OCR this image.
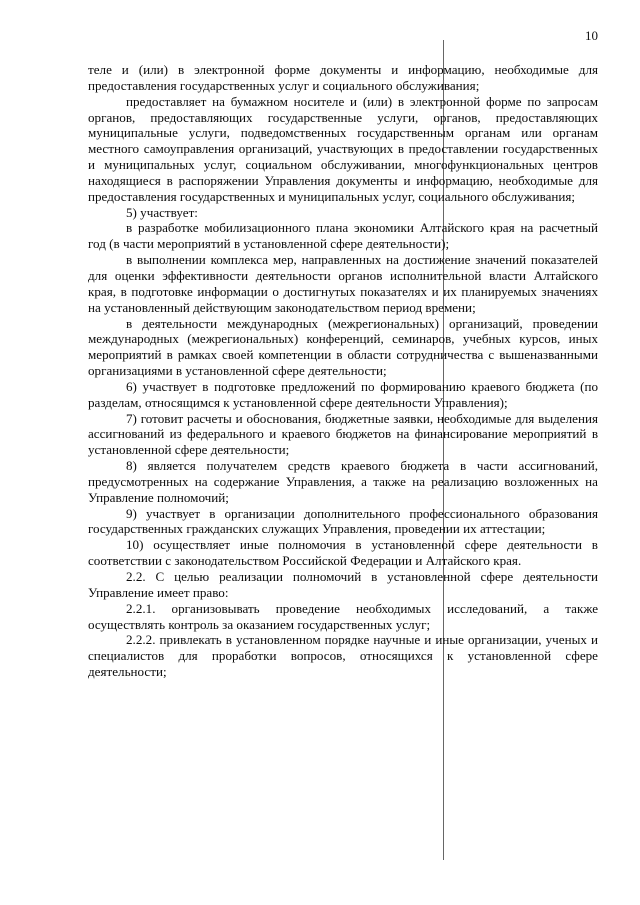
10

теле и (или) в электронной форме документы и информацию, необходимые для предоставления государственных услуг и социального обслуживания;

предоставляет на бумажном носителе и (или) в электронной форме по запросам органов, предоставляющих государственные услуги, органов, предоставляющих муниципальные услуги, подведомственных государственным органам или органам местного самоуправления организаций, участвующих в предоставлении государственных и муниципальных услуг, социальном обслуживании, многофункциональных центров находящиеся в распоряжении Управления документы и информацию, необходимые для предоставления государственных и муниципальных услуг, социального обслуживания;

5) участвует:

в разработке мобилизационного плана экономики Алтайского края на расчетный год (в части мероприятий в установленной сфере деятельности);

в выполнении комплекса мер, направленных на достижение значений показателей для оценки эффективности деятельности органов исполнительной власти Алтайского края, в подготовке информации о достигнутых показателях и их планируемых значениях на установленный действующим законодательством период времени;

в деятельности международных (межрегиональных) организаций, проведении международных (межрегиональных) конференций, семинаров, учебных курсов, иных мероприятий в рамках своей компетенции в области сотрудничества с вышеназванными организациями в установленной сфере деятельности;

6) участвует в подготовке предложений по формированию краевого бюджета (по разделам, относящимся к установленной сфере деятельности Управления);

7) готовит расчеты и обоснования, бюджетные заявки, необходимые для выделения ассигнований из федерального и краевого бюджетов на финансирование мероприятий в установленной сфере деятельности;

8) является получателем средств краевого бюджета в части ассигнований, предусмотренных на содержание Управления, а также на реализацию возложенных на Управление полномочий;

9) участвует в организации дополнительного профессионального образования государственных гражданских служащих Управления, проведении их аттестации;

10) осуществляет иные полномочия в установленной сфере деятельности в соответствии с законодательством Российской Федерации и Алтайского края.

2.2. С целью реализации полномочий в установленной сфере деятельности Управление имеет право:

2.2.1. организовывать проведение необходимых исследований, а также осуществлять контроль за оказанием государственных услуг;

2.2.2. привлекать в установленном порядке научные и иные организации, ученых и специалистов для проработки вопросов, относящихся к установленной сфере деятельности;
